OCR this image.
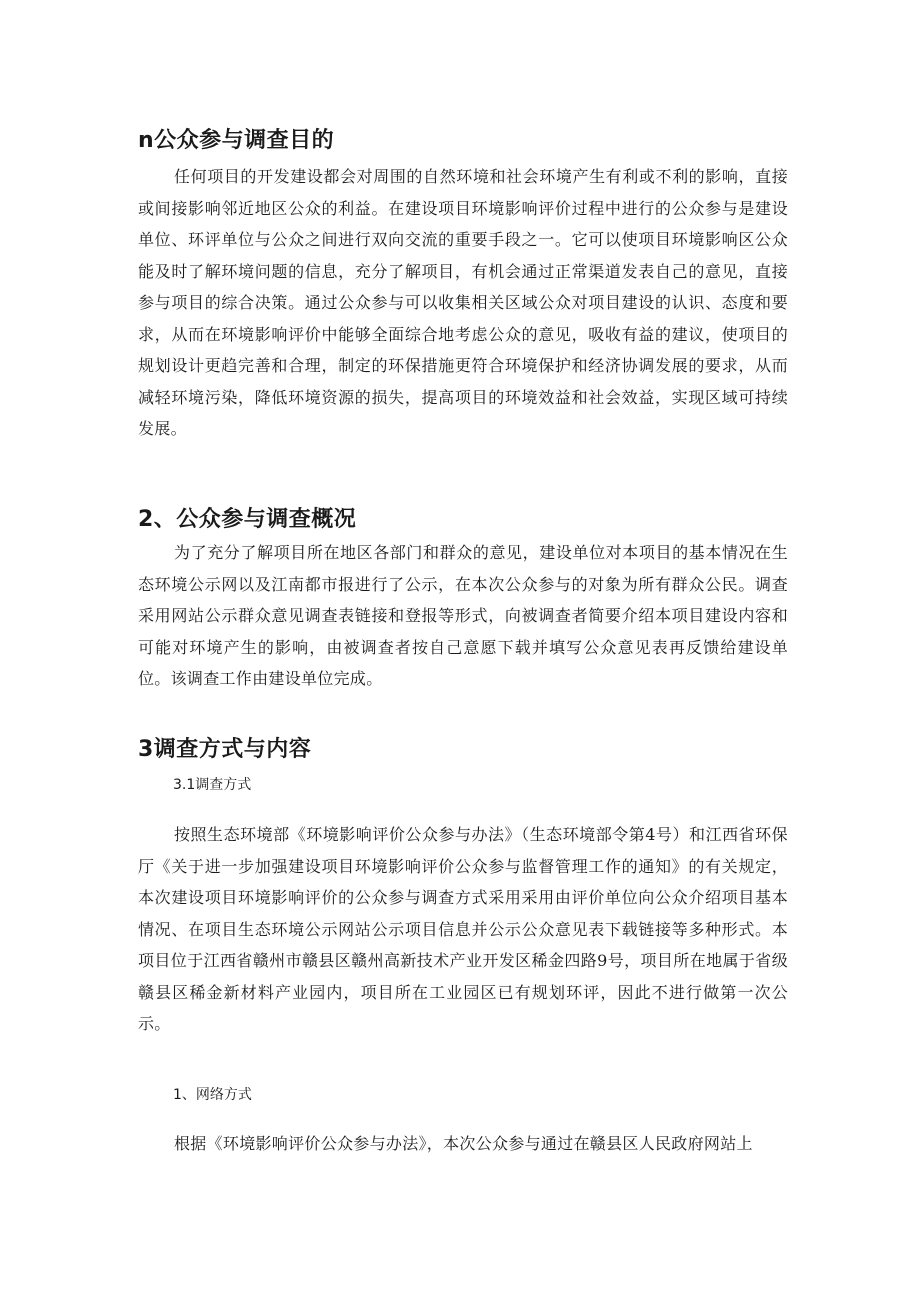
n公众参与调查目的

任何项目的开发建设都会对周围的自然环境和社会环境产生有利或不利的影响，直接或间接影响邻近地区公众的利益。在建设项目环境影响评价过程中进行的公众参与是建设单位、环评单位与公众之间进行双向交流的重要手段之一。它可以使项目环境影响区公众能及时了解环境问题的信息，充分了解项目，有机会通过正常渠道发表自己的意见，直接参与项目的综合决策。通过公众参与可以收集相关区域公众对项目建设的认识、态度和要求，从而在环境影响评价中能够全面综合地考虑公众的意见，吸收有益的建议，使项目的规划设计更趋完善和合理，制定的环保措施更符合环境保护和经济协调发展的要求，从而减轻环境污染，降低环境资源的损失，提高项目的环境效益和社会效益，实现区域可持续发展。

2、公众参与调查概况

为了充分了解项目所在地区各部门和群众的意见，建设单位对本项目的基本情况在生态环境公示网以及江南都市报进行了公示，在本次公众参与的对象为所有群众公民。调查采用网站公示群众意见调查表链接和登报等形式，向被调查者简要介绍本项目建设内容和可能对环境产生的影响，由被调查者按自己意愿下载并填写公众意见表再反馈给建设单位。该调查工作由建设单位完成。

3调查方式与内容

3.1调查方式

按照生态环境部《环境影响评价公众参与办法》（生态环境部令第4号）和江西省环保厅《关于进一步加强建设项目环境影响评价公众参与监督管理工作的通知》的有关规定，本次建设项目环境影响评价的公众参与调查方式采用采用由评价单位向公众介绍项目基本情况、在项目生态环境公示网站公示项目信息并公示公众意见表下载链接等多种形式。本项目位于江西省赣州市赣县区赣州高新技术产业开发区稀金四路9号，项目所在地属于省级赣县区稀金新材料产业园内，项目所在工业园区已有规划环评，因此不进行做第一次公示。

1、网络方式

根据《环境影响评价公众参与办法》，本次公众参与通过在赣县区人民政府网站上
